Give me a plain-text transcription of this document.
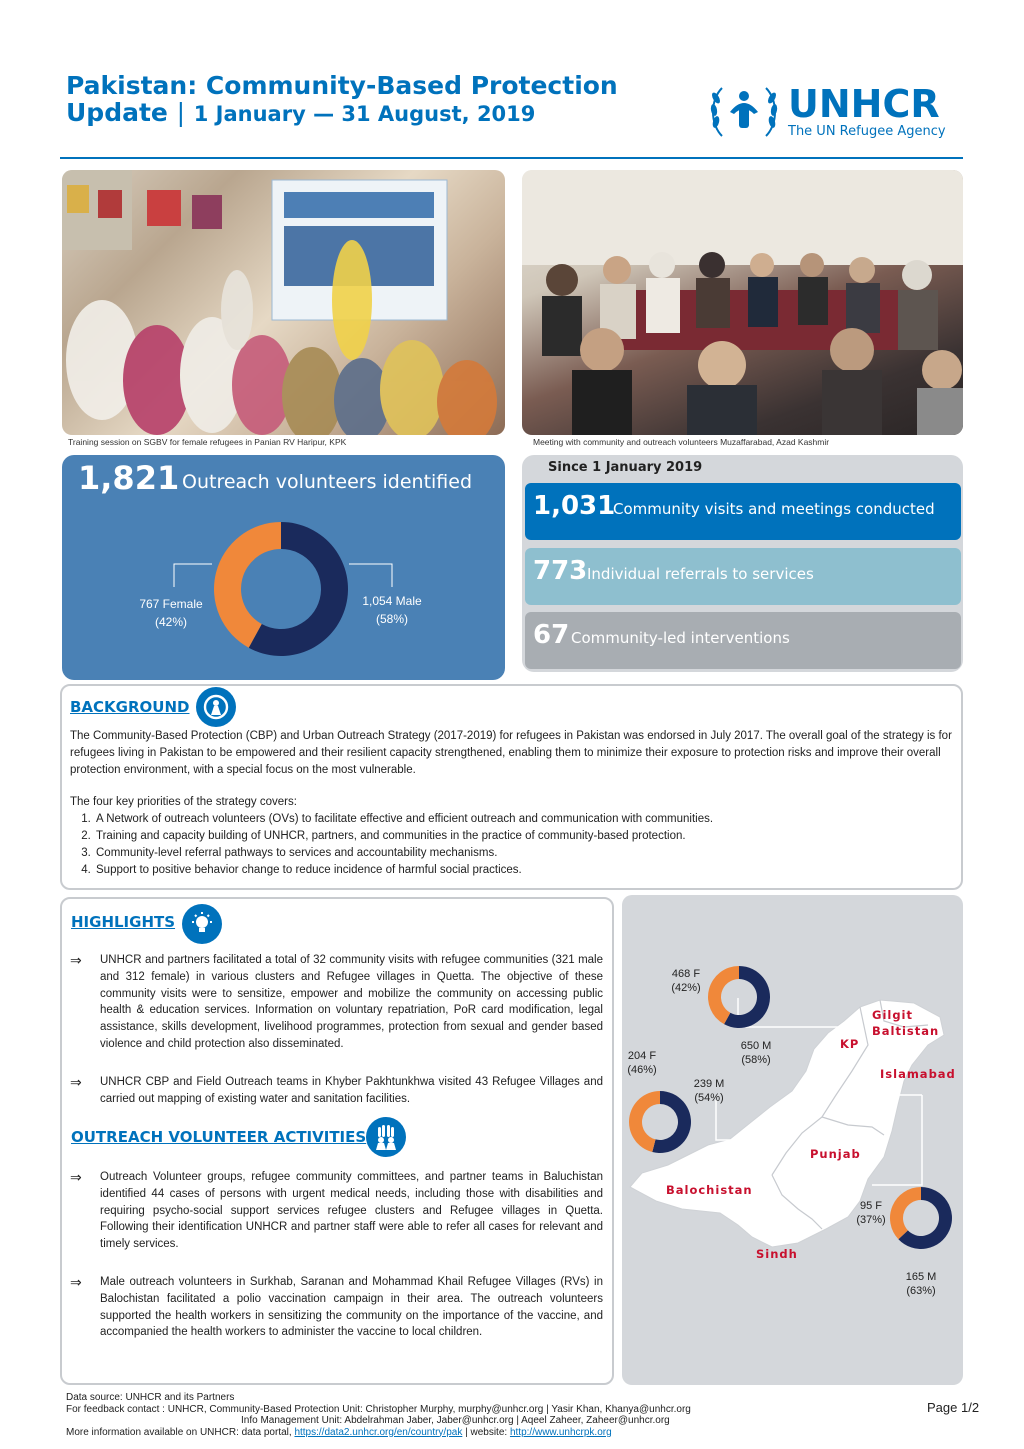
Pakistan: Community-Based Protection
Update | 1 January — 31 August, 2019	UNHCR
The UN Refugee Agency
Training session on SGBV for female refugees in Panian RV Haripur, KPK	Meeting with community and outreach volunteers Muzaffarabad, Azad Kashmir
1,821 Outreach volunteers identified
767 Female
(42%)
1,054 Male
(58%)
Since 1 January 2019
1,031
Community visits and meetings conducted
773 Individual referrals to services
67 Community-led interventions
BACKGROUND

The Community-Based Protection (CBP) and Urban Outreach Strategy (2017-2019) for refugees in Pakistan was endorsed in July 2017. The overall goal of the strategy is for refugees living in Pakistan to be empowered and their resilient capacity strengthened, enabling them to minimize their exposure to protection risks and improve their overall protection environment, with a special focus on the most vulnerable.

The four key priorities of the strategy covers:

1. A Network of outreach volunteers (OVs) to facilitate effective and efficient outreach and communication with communities.
2. Training and capacity building of UNHCR, partners, and communities in the practice of community-based protection.
3. Community-level referral pathways to services and accountability mechanisms.
4. Support to positive behavior change to reduce incidence of harmful social practices.
HIGHLIGHTS
⇒ UNHCR and partners facilitated a total of 32 community visits with refugee communities (321 male and 312 female) in various clusters and Refugee villages in Quetta. The objective of these community visits were to sensitize, empower and mobilize the community on accessing public health & education services. Information on voluntary repatriation, PoR card modification, legal assistance, skills development, livelihood programmes, protection from sexual and gender based violence and child protection also disseminated.
⇒ UNHCR CBP and Field Outreach teams in Khyber Pakhtunkhwa visited 43 Refugee Villages and carried out mapping of existing water and sanitation facilities.
OUTREACH VOLUNTEER ACTIVITIES
⇒ Outreach Volunteer groups, refugee community committees, and partner teams in Baluchistan identified 44 cases of persons with urgent medical needs, including those with disabilities and requiring psycho-social support services refugee clusters and Refugee villages in Quetta. Following their identification UNHCR and partner staff were able to refer all cases for relevant and timely services.
⇒ Male outreach volunteers in Surkhab, Saranan and Mohammad Khail Refugee Villages (RVs) in Balochistan facilitated a polio vaccination campaign in their area. The outreach volunteers supported the health workers in sensitizing the community on the importance of the vaccine, and accompanied the health workers to administer the vaccine to local children.
Gilgit Baltistan
KP
Islamabad
Punjab
Balochistan
Sindh
468 F
(42%)
650 M
(58%)
204 F
(46%)
239 M
(54%)
95 F
(37%)
165 M
(63%)
Data source: UNHCR and its Partners
For feedback contact : UNHCR, Community-Based Protection Unit: Christopher Murphy, murphy@unhcr.org | Yasir Khan, Khanya@unhcr.org
Info Management Unit: Abdelrahman Jaber, Jaber@unhcr.org | Aqeel Zaheer, Zaheer@unhcr.org
More information available on UNHCR: data portal, https://data2.unhcr.org/en/country/pak | website: http://www.unhcrpk.org
Page 1/2
